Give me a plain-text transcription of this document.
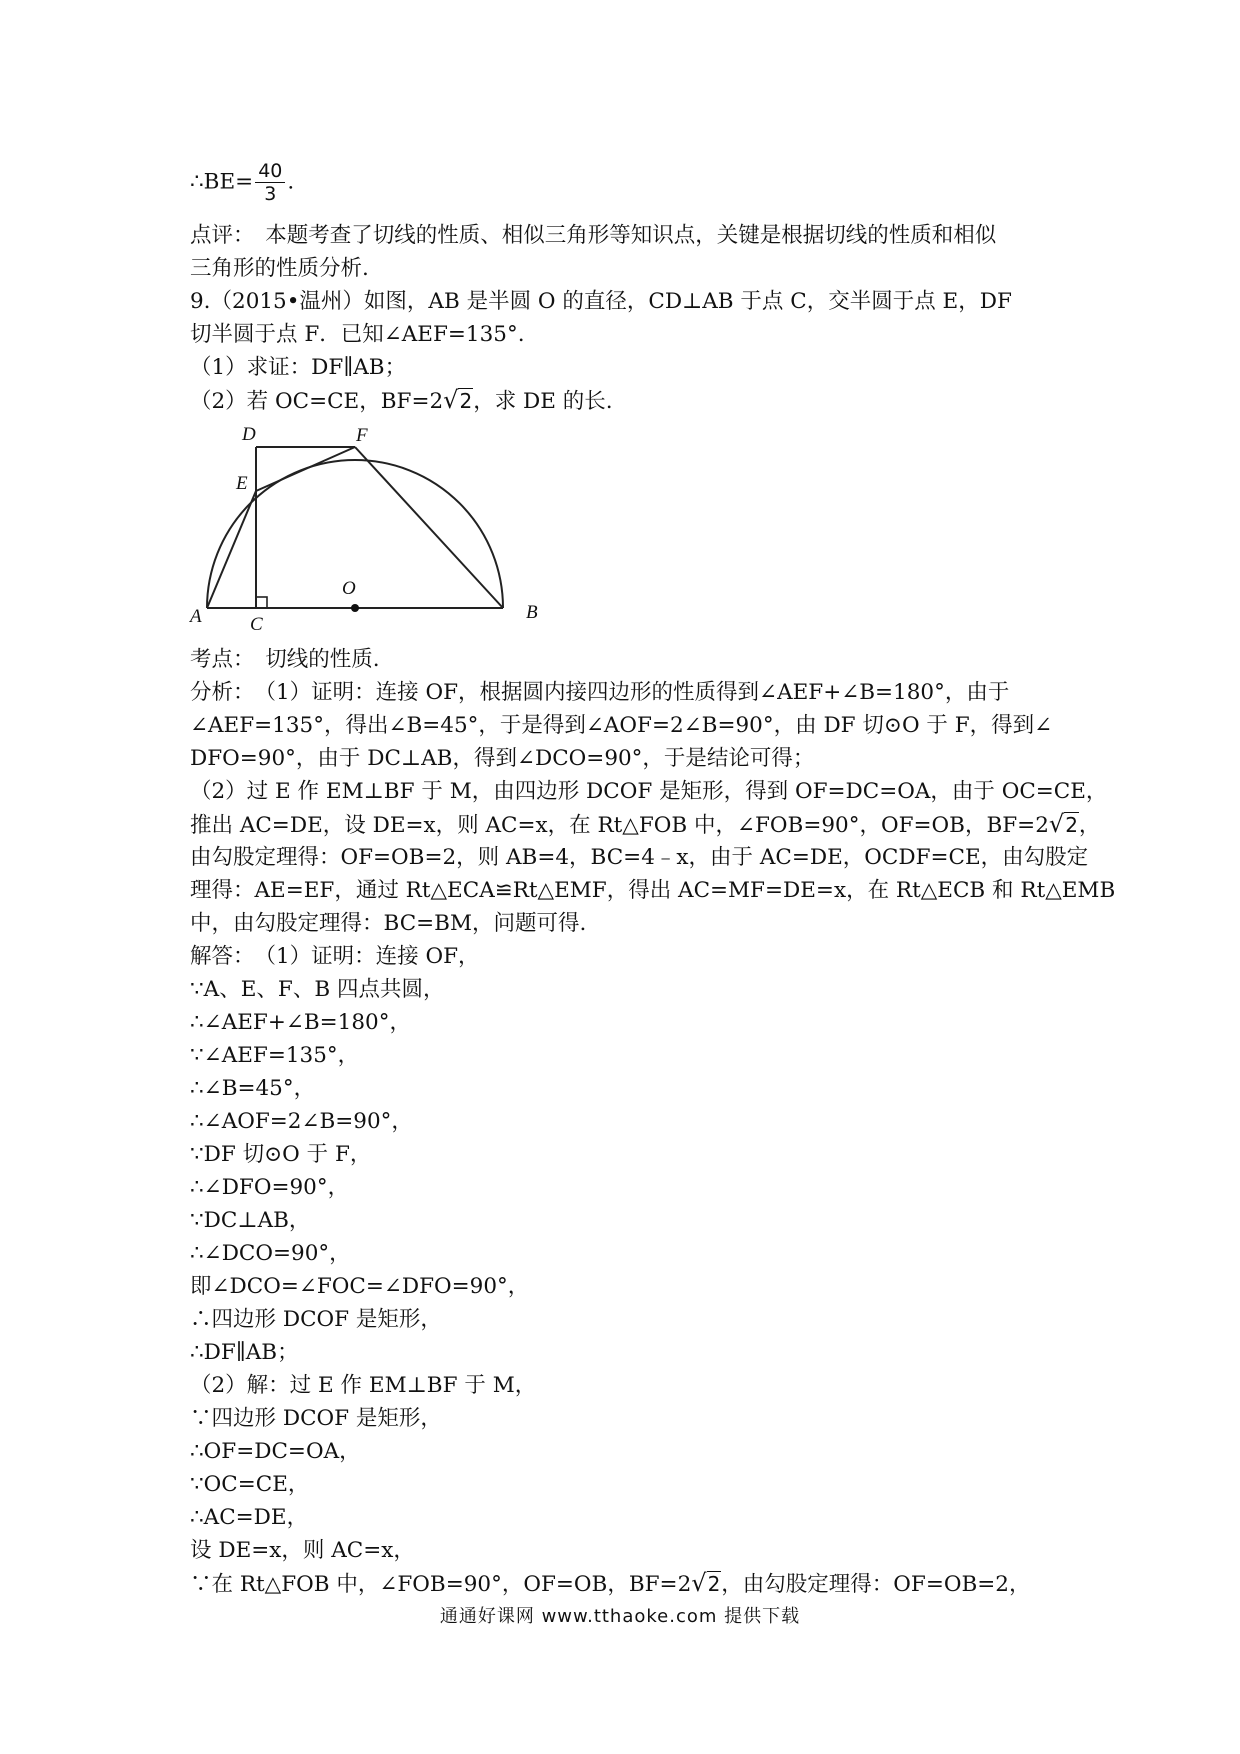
∴BE= $\frac{40}{3}$ .
点评：　本题考查了切线的性质、相似三角形等知识点，关键是根据切线的性质和相似
三角形的性质分析.
9.（2015•温州）如图，AB 是半圆 O 的直径，CD⊥AB 于点 C，交半圆于点 E，DF
切半圆于点 F．已知∠AEF=135°.
（1）求证：DF∥AB；
（2）若 OC=CE，BF=2√2，求 DE 的长.
A	C
O
B
D
E
F
考点：　切线的性质.
分析：　（1）证明：连接 OF，根据圆内接四边形的性质得到∠AEF+∠B=180°，由于
∠AEF=135°，得出∠B=45°，于是得到∠AOF=2∠B=90°，由 DF 切⊙O 于 F，得到∠
DFO=90°，由于 DC⊥AB，得到∠DCO=90°，于是结论可得；
（2）过 E 作 EM⊥BF 于 M，由四边形 DCOF 是矩形，得到 OF=DC=OA，由于 OC=CE，
推出 AC=DE，设 DE=x，则 AC=x，在 Rt△FOB 中，∠FOB=90°，OF=OB，BF=2√2，
由勾股定理得：OF=OB=2，则 AB=4，BC=4﹣x，由于 AC=DE，OCDF=CE，由勾股定
理得：AE=EF，通过 Rt△ECA≌Rt△EMF，得出 AC=MF=DE=x，在 Rt△ECB 和 Rt△EMB
中，由勾股定理得：BC=BM，问题可得.
解答：　（1）证明：连接 OF，
∵A、E、F、B 四点共圆，
∴∠AEF+∠B=180°，
∵∠AEF=135°，
∴∠B=45°，
∴∠AOF=2∠B=90°，
∵DF 切⊙O 于 F，
∴∠DFO=90°，
∵DC⊥AB，
∴∠DCO=90°，
即∠DCO=∠FOC=∠DFO=90°，
∴四边形 DCOF 是矩形，
∴DF∥AB；
（2）解：过 E 作 EM⊥BF 于 M，
∵四边形 DCOF 是矩形，
∴OF=DC=OA，
∵OC=CE，
∴AC=DE，
设 DE=x，则 AC=x，
∵在 Rt△FOB 中，∠FOB=90°，OF=OB，BF=2√2，由勾股定理得：OF=OB=2，
通通好课网 www.tthaoke.com 提供下载
